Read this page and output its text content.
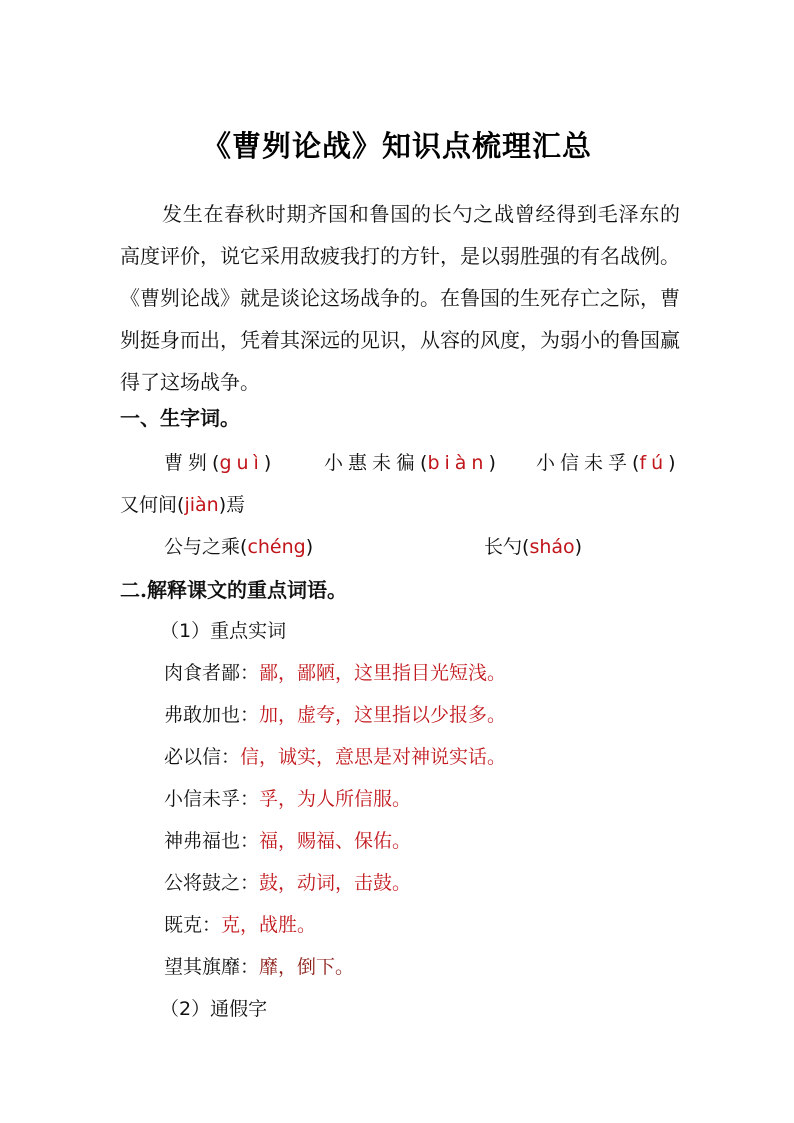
《曹刿论战》知识点梳理汇总

发生在春秋时期齐国和鲁国的长勺之战曾经得到毛泽东的高度评价，说它采用敌疲我打的方针，是以弱胜强的有名战例。《曹刿论战》就是谈论这场战争的。在鲁国的生死存亡之际，曹刿挺身而出，凭着其深远的见识，从容的风度，为弱小的鲁国赢得了这场战争。

一、生字词。
曹刿(guì)	小惠未徧(biàn) 小信未孚(fú)
又何间(jiàn)焉
公与之乘(chéng)	长勺(sháo)
二.解释课文的重点词语。
（1）重点实词
肉食者鄙：鄙，鄙陋，这里指目光短浅。
弗敢加也：加，虚夸，这里指以少报多。
必以信：信，诚实，意思是对神说实话。
小信未孚：孚，为人所信服。
神弗福也：福，赐福、保佑。
公将鼓之：鼓，动词，击鼓。
既克：克，战胜。
望其旗靡：靡，倒下。
（2）通假字
